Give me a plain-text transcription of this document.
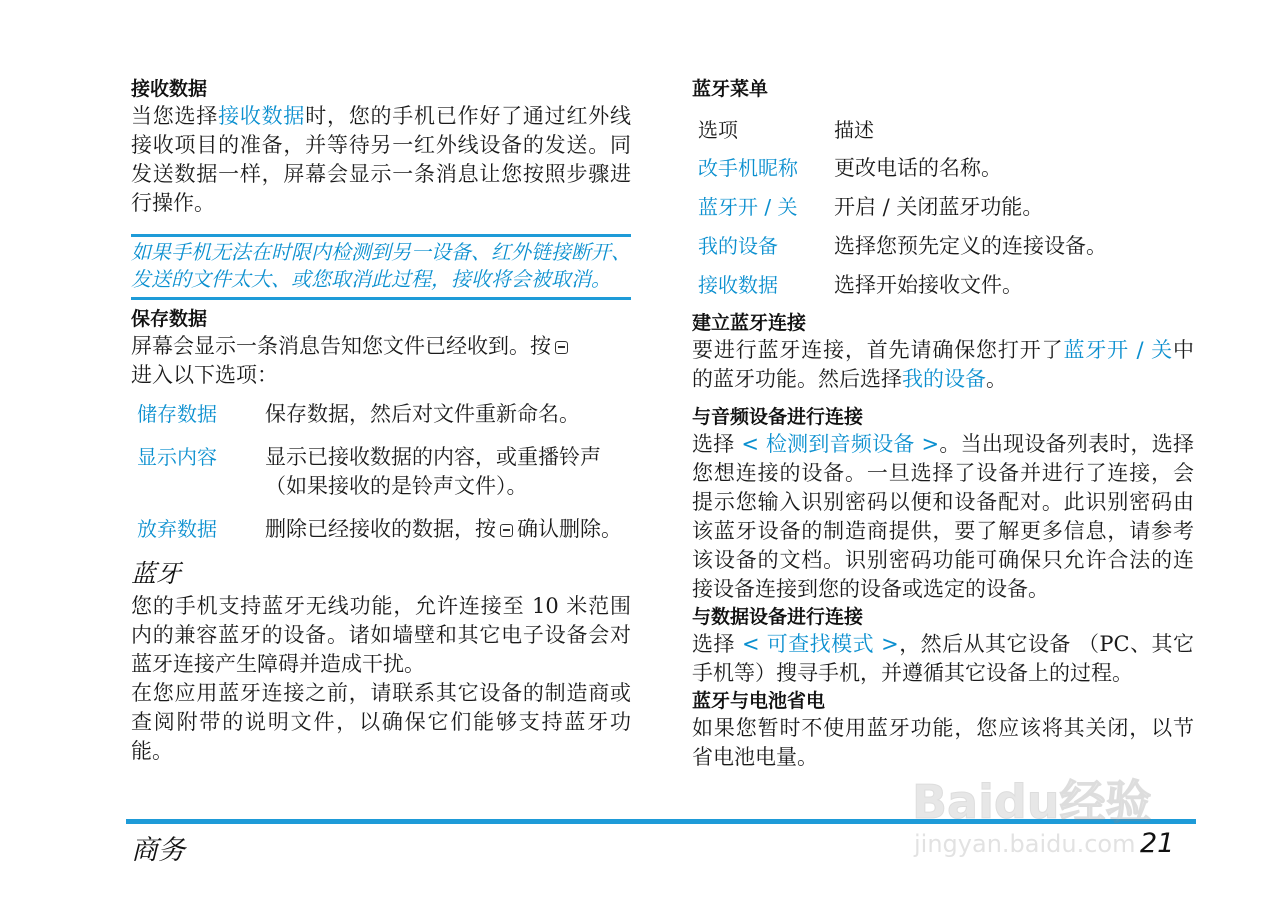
接收数据

当您选择接收数据时，您的手机已作好了通过红外线接收项目的准备，并等待另一红外线设备的发送。同发送数据一样，屏幕会显示一条消息让您按照步骤进行操作。

如果手机无法在时限内检测到另一设备、红外链接断开、发送的文件太大、或您取消此过程，接收将会被取消。

保存数据

屏幕会显示一条消息告知您文件已经收到。按
进入以下选项：

储存数据	保存数据，然后对文件重新命名。
显示内容	显示已接收数据的内容，或重播铃声 （如果接收的是铃声文件）。
放弃数据	删除已经接收的数据，按 确认删除。
蓝牙

您的手机支持蓝牙无线功能，允许连接至 10 米范围内的兼容蓝牙的设备。诸如墙壁和其它电子设备会对蓝牙连接产生障碍并造成干扰。

在您应用蓝牙连接之前，请联系其它设备的制造商或查阅附带的说明文件，以确保它们能够支持蓝牙功能。

蓝牙菜单

选项	描述
改手机昵称	更改电话的名称。
蓝牙开 / 关	开启 / 关闭蓝牙功能。
我的设备	选择您预先定义的连接设备。
接收数据	选择开始接收文件。

建立蓝牙连接

要进行蓝牙连接，首先请确保您打开了蓝牙开 / 关中的蓝牙功能。然后选择我的设备。

与音频设备进行连接

选择 < 检测到音频设备 >。当出现设备列表时，选择您想连接的设备。一旦选择了设备并进行了连接，会提示您输入识别密码以便和设备配对。此识别密码由该蓝牙设备的制造商提供，要了解更多信息，请参考该设备的文档。识别密码功能可确保只允许合法的连接设备连接到您的设备或选定的设备。

与数据设备进行连接

选择 < 可查找模式 >，然后从其它设备 （PC、其它手机等）搜寻手机，并遵循其它设备上的过程。

蓝牙与电池省电

如果您暂时不使用蓝牙功能，您应该将其关闭，以节省电池电量。

商务	21
Baidu经验
jingyan.baidu.com
